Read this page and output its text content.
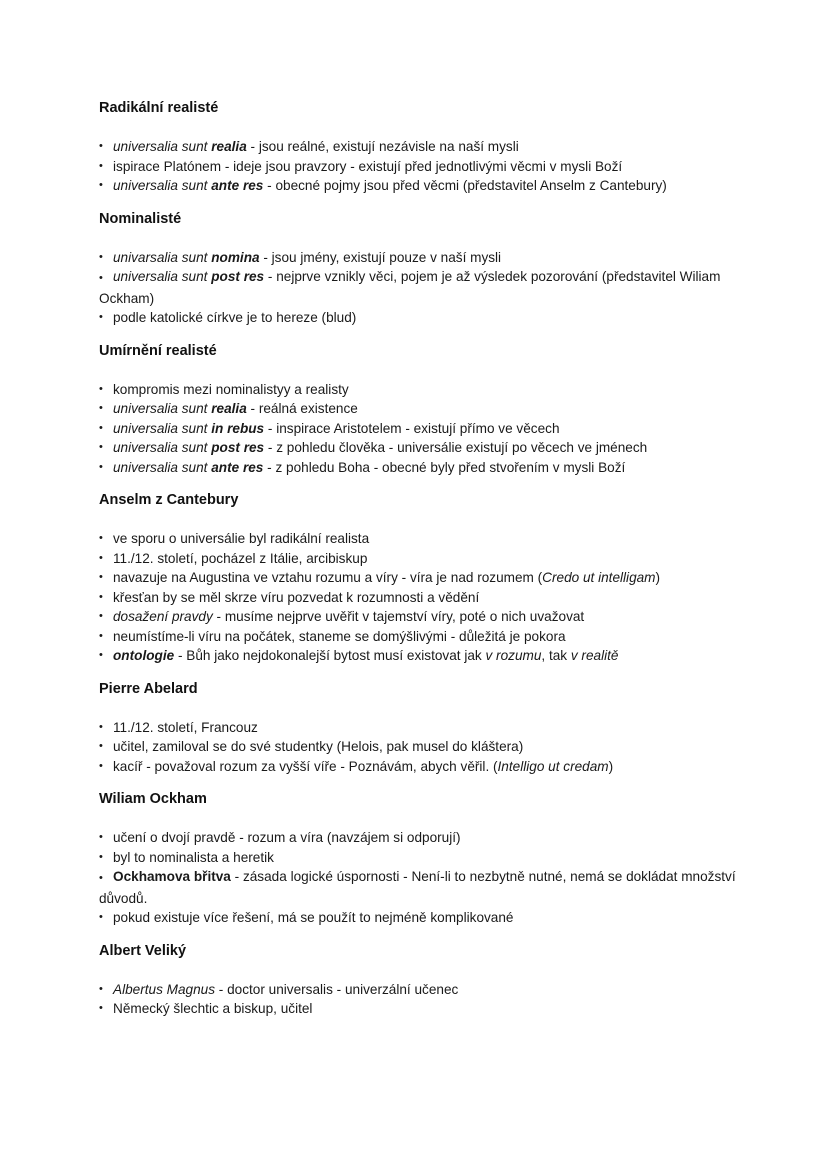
Radikální realisté
• universalia sunt realia - jsou reálné, existují nezávisle na naší mysli
• ispirace Platónem - ideje jsou pravzory - existují před jednotlivými věcmi v mysli Boží
• universalia sunt ante res - obecné pojmy jsou před věcmi (představitel Anselm z Cantebury)
Nominalisté
• univarsalia sunt nomina - jsou jmény, existují pouze v naší mysli
• universalia sunt post res - nejprve vznikly věci, pojem je až výsledek pozorování (představitel Wiliam Ockham)
• podle katolické církve je to hereze (blud)
Umírnění realisté
• kompromis mezi nominalistyy a realisty
• universalia sunt realia - reálná existence
• universalia sunt in rebus - inspirace Aristotelem - existují přímo ve věcech
• universalia sunt post res - z pohledu člověka - universálie existují po věcech ve jménech
• universalia sunt ante res - z pohledu Boha - obecné byly před stvořením v mysli Boží
Anselm z Cantebury
• ve sporu o universálie byl radikální realista
• 11./12. století, pocházel z Itálie, arcibiskup
• navazuje na Augustina ve vztahu rozumu a víry - víra je nad rozumem (Credo ut intelligam)
• křesťan by se měl skrze víru pozvedat k rozumnosti a vědění
• dosažení pravdy - musíme nejprve uvěřit v tajemství víry, poté o nich uvažovat
• neumístíme-li víru na počátek, staneme se domýšlivými - důležitá je pokora
• ontologie - Bůh jako nejdokonalejší bytost musí existovat jak v rozumu, tak v realitě
Pierre Abelard
• 11./12. století, Francouz
• učitel, zamiloval se do své studentky (Helois, pak musel do kláštera)
• kacíř - považoval rozum za vyšší víře - Poznávám, abych věřil. (Intelligo ut credam)
Wiliam Ockham
• učení o dvojí pravdě - rozum a víra (navzájem si odporují)
• byl to nominalista a heretik
• Ockhamova břitva - zásada logické úspornosti - Není-li to nezbytně nutné, nemá se dokládat množství důvodů.
• pokud existuje více řešení, má se použít to nejméně komplikované
Albert Veliký
• Albertus Magnus - doctor universalis - univerzální učenec
• Německý šlechtic a biskup, učitel
